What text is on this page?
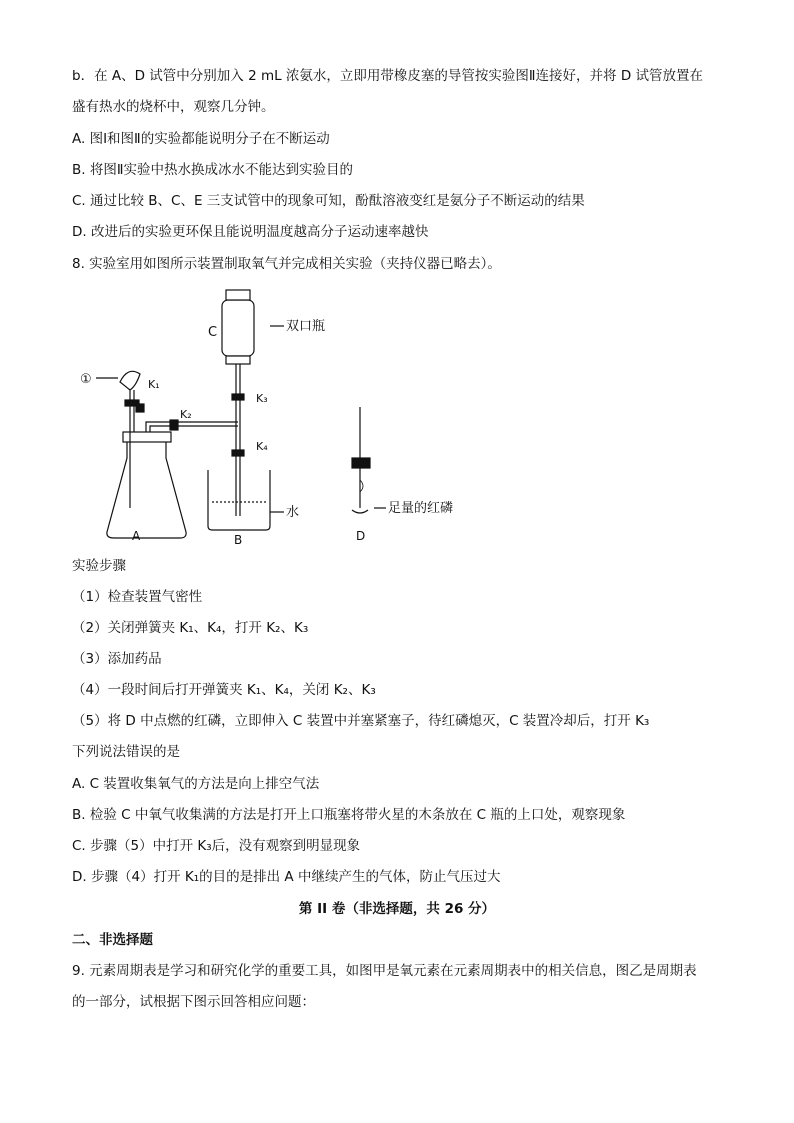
b．在 A、D 试管中分别加入 2 mL 浓氨水，立即用带橡皮塞的导管按实验图Ⅱ连接好，并将 D 试管放置在
盛有热水的烧杯中，观察几分钟。
A. 图Ⅰ和图Ⅱ的实验都能说明分子在不断运动
B. 将图Ⅱ实验中热水换成冰水不能达到实验目的
C. 通过比较 B、C、E 三支试管中的现象可知，酚酞溶液变红是氨分子不断运动的结果
D. 改进后的实验更环保且能说明温度越高分子运动速率越快
8. 实验室用如图所示装置制取氧气并完成相关实验（夹持仪器已略去）。
C	双口瓶
①	K₁
K₂
K₃
K₄
水
A	B	D
足量的红磷
实验步骤
（1）检查装置气密性
（2）关闭弹簧夹 K₁、K₄，打开 K₂、K₃
（3）添加药品
（4）一段时间后打开弹簧夹 K₁、K₄，关闭 K₂、K₃
（5）将 D 中点燃的红磷，立即伸入 C 装置中并塞紧塞子，待红磷熄灭，C 装置冷却后，打开 K₃
下列说法错误的是
A. C 装置收集氧气的方法是向上排空气法
B. 检验 C 中氧气收集满的方法是打开上口瓶塞将带火星的木条放在 C 瓶的上口处，观察现象
C. 步骤（5）中打开 K₃后，没有观察到明显现象
D. 步骤（4）打开 K₁的目的是排出 A 中继续产生的气体，防止气压过大
第 II 卷（非选择题，共 26 分）
二、非选择题
9. 元素周期表是学习和研究化学的重要工具，如图甲是氧元素在元素周期表中的相关信息，图乙是周期表
的一部分，试根据下图示回答相应问题：
